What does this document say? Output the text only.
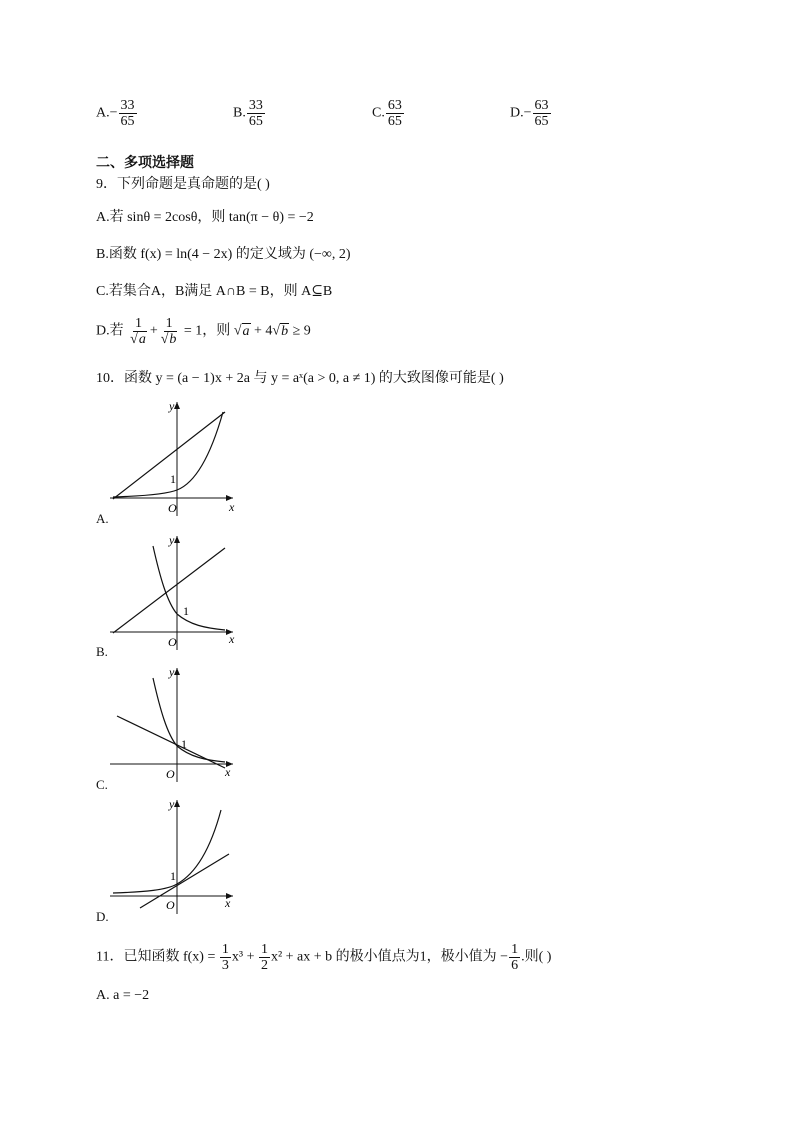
$A.- \frac{33}{65}$	B. $\frac{33}{65}$	C. $\frac{63}{65}$	$D.- \frac{63}{65}$
二、多项选择题
9．下列命题是真命题的是( )
A.若 sinθ = 2cosθ，则 tan(π − θ) = −2
B.函数 f(x) = ln(4 − 2x) 的定义域为 (−∞, 2)
C.若集合A，B满足 A∩B = B，则 A⊆B
D.若 $\frac{1}{√a} + \frac{1}{√b} = 1$，则 √a + 4√b ≥ 9
10．函数 y = (a − 1)x + 2a 与 y = aˣ(a > 0, a ≠ 1) 的大致图像可能是( )
x
y
O
1
A.
x
y
O
1
B.
x
y
O
1
C.
x
y
O
1
D.
11．已知函数 $f(x) = \frac{1}{3} x^3 + \frac{1}{2} x^2$ + ax + b 的极小值点为1，极小值为 − $\frac{1}{6}$ .则( )
A. a = −2
